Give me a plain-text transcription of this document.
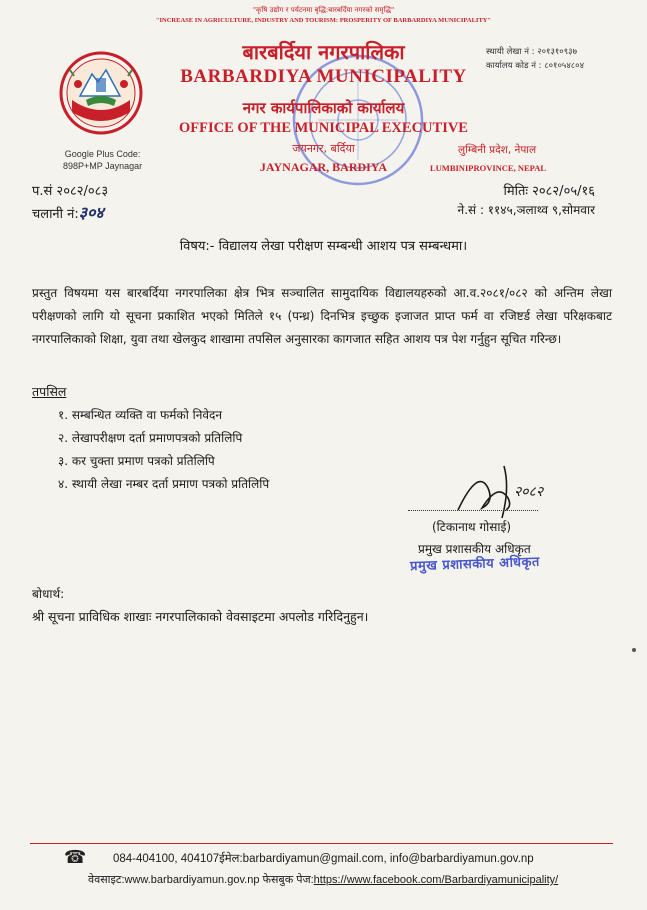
"कृषि उद्योग र पर्यटनमा बृद्धि:बारबर्दिया नगरको समृद्धि"
"INCREASE IN AGRICULTURE, INDUSTRY AND TOURISM: PROSPERITY OF BARBARDIYA MUNICIPALITY"
बारबर्दिया नगरपालिका
BARBARDIYA MUNICIPALITY
नगर कार्यपालिकाको कार्यालय
OFFICE OF THE MUNICIPAL EXECUTIVE
जयनगर, बर्दिया
JAYNAGAR, BARDIYA
Google Plus Code:
898P+MP Jaynagar
स्थायी लेखा नं : २०१३१०९३७
कार्यालय कोड नं : ८०१०५४८०४
लुम्बिनी प्रदेश, नेपाल
LUMBINIPROVINCE, NEPAL
प.सं २०८२/०८३
चलानी नं:३०४
मितिः २०८२/०५/१६
ने.सं : ११४५,ञलाथ्व ९,सोमवार
विषय:- विद्यालय लेखा परीक्षण सम्बन्धी आशय पत्र सम्बन्धमा।
प्रस्तुत विषयमा यस बारबर्दिया नगरपालिका क्षेत्र भित्र सञ्चालित सामुदायिक विद्यालयहरुको आ.व.२०८१/०८२ को अन्तिम लेखा परीक्षणको लागि यो सूचना प्रकाशित भएको मितिले १५ (पन्ध्र) दिनभित्र इच्छुक इजाजत प्राप्त फर्म वा रजिष्टर्ड लेखा परिक्षकबाट नगरपालिकाको शिक्षा, युवा तथा खेलकुद शाखामा तपसिल अनुसारका कागजात सहित आशय पत्र पेश गर्नुहुन सूचित गरिन्छ।
तपसिल
१. सम्बन्धित व्यक्ति वा फर्मको निवेदन
२. लेखापरीक्षण दर्ता प्रमाणपत्रको प्रतिलिपि
३. कर चुक्ता प्रमाण पत्रको प्रतिलिपि
४. स्थायी लेखा नम्बर दर्ता प्रमाण पत्रको प्रतिलिपि	२०८२
(टिकानाथ गोसाई)
प्रमुख प्रशासकीय अधिकृत
प्रमुख प्रशासकीय अधिकृत
बोधार्थ:
श्री सूचना प्राविधिक शाखाः नगरपालिकाको वेवसाइटमा अपलोड गरिदिनुहुन।
☎ 084-404100, 404107ईमेल:barbardiyamun@gmail.com, info@barbardiyamun.gov.np
वेवसाइट:www.barbardiyamun.gov.np फेसबुक पेज:https://www.facebook.com/Barbardiyamunicipality/
